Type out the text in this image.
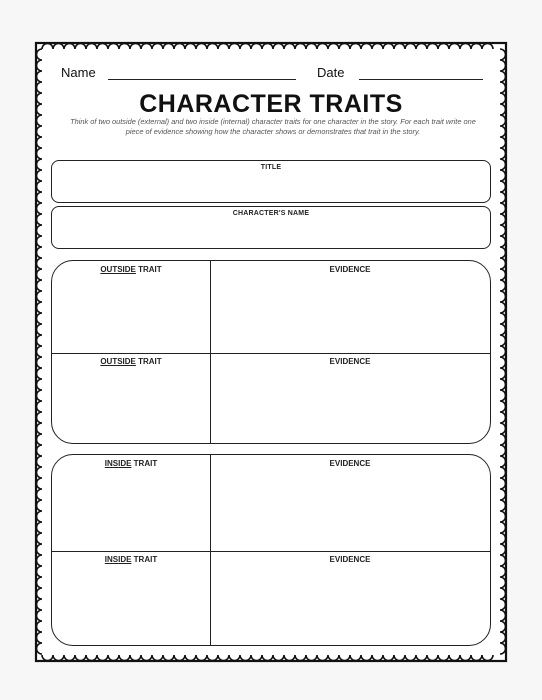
Name	Date
CHARACTER TRAITS
Think of two outside (external) and two inside (internal) character traits for one character in the story. For each trait write one piece of evidence showing how the character shows or demonstrates that trait in the story.
TITLE
CHARACTER'S NAME
OUTSIDE TRAIT	EVIDENCE
OUTSIDE TRAIT	EVIDENCE
INSIDE TRAIT	EVIDENCE
INSIDE TRAIT	EVIDENCE
